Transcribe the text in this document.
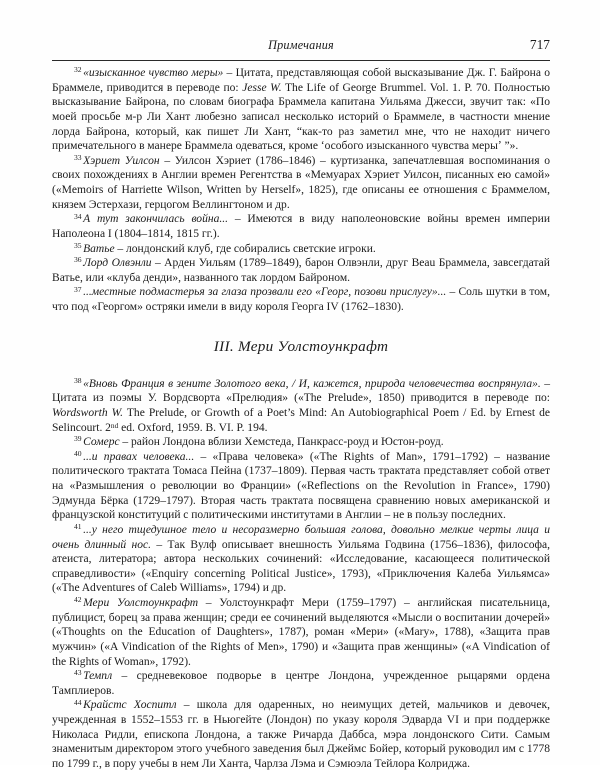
Примечания	717

$^{32}$ «изысканное чувство меры» – Цитата, представляющая собой высказывание Дж. Г. Байрона о Браммеле, приводится в переводе по: Jesse W. The Life of George Brummel. Vol. 1. P. 70. Полностью высказывание Байрона, по словам биографа Браммела капитана Уильяма Джесси, звучит так: «По моей просьбе м-р Ли Хант любезно записал несколько историй о Браммеле, в частности мнение лорда Байрона, который, как пишет Ли Хант, “как-то раз заметил мне, что не находит ничего примечательного в манере Браммела одеваться, кроме ʻособого изысканного чувства мерыʼ ”».

$^{33}$ Хэриет Уилсон – Уилсон Хэриет (1786–1846) – куртизанка, запечатлевшая воспоминания о своих похождениях в Англии времен Регентства в «Мемуарах Хэриет Уилсон, писанных ею самой» («Memoirs of Harriette Wilson, Written by Herself», 1825), где описаны ее отношения с Браммелом, князем Эстерхази, герцогом Веллингтоном и др.

$^{34}$ А тут закончилась война... – Имеются в виду наполеоновские войны времен империи Наполеона I (1804–1814, 1815 гг.).

$^{35}$ Ватье – лондонский клуб, где собирались светские игроки.

$^{36}$ Лорд Олвэнли – Арден Уильям (1789–1849), барон Олвэнли, друг Beau Браммела, завсегдатай Ватье, или «клуба денди», названного так лордом Байроном.

$^{37}$ ...местные подмастерья за глаза прозвали его «Георг, позови прислугу»... – Соль шутки в том, что под «Георгом» остряки имели в виду короля Георга IV (1762–1830).

III. Мери Уолстоункрафт

$^{38}$ «Вновь Франция в зените Золотого века, / И, кажется, природа человечества воспрянула». – Цитата из поэмы У. Вордсворта «Прелюдия» («The Prelude», 1850) приводится в переводе по: Wordsworth W. The Prelude, or Growth of a Poet’s Mind: An Autobiographical Poem / Ed. by Ernest de Selincourt. 2nd ed. Oxford, 1959. B. VI. P. 194.

$^{39}$ Сомерс – район Лондона вблизи Хемстеда, Панкрасс-роуд и Юстон-роуд.

$^{40}$ ...и правах человека... – «Права человека» («The Rights of Man», 1791–1792) – название политического трактата Томаса Пейна (1737–1809). Первая часть трактата представляет собой ответ на «Размышления о революции во Франции» («Reflections on the Revolution in France», 1790) Эдмунда Бёрка (1729–1797). Вторая часть трактата посвящена сравнению новых американской и французской конституций с политическими институтами в Англии – не в пользу последних.

$^{41}$ ...у него тщедушное тело и несоразмерно большая голова, довольно мелкие черты лица и очень длинный нос. – Так Вулф описывает внешность Уильяма Годвина (1756–1836), философа, атеиста, литератора; автора нескольких сочинений: «Исследование, касающееся политической справедливости» («Enquiry concerning Political Justice», 1793), «Приключения Калеба Уильямса» («The Adventures of Caleb Williams», 1794) и др.

$^{42}$ Мери Уолстоункрафт – Уолстоункрафт Мери (1759–1797) – английская писательница, публицист, борец за права женщин; среди ее сочинений выделяются «Мысли о воспитании дочерей» («Thoughts on the Education of Daughters», 1787), роман «Мери» («Mary», 1788), «Защита прав мужчин» («A Vindication of the Rights of Men», 1790) и «Защита прав женщины» («A Vindication of the Rights of Woman», 1792).

$^{43}$ Темпл – средневековое подворье в центре Лондона, учрежденное рыцарями ордена Тамплиеров.

$^{44}$ Крайстс Хоспитл – школа для одаренных, но неимущих детей, мальчиков и девочек, учрежденная в 1552–1553 гг. в Ньюгейте (Лондон) по указу короля Эдварда VI и при поддержке Николаса Ридли, епископа Лондона, а также Ричарда Даббса, мэра лондонского Сити. Самым знаменитым директором этого учебного заведения был Джеймс Бойер, который руководил им с 1778 по 1799 г., в пору учебы в нем Ли Ханта, Чарлза Лэма и Сэмюэла Тейлора Колриджа.
